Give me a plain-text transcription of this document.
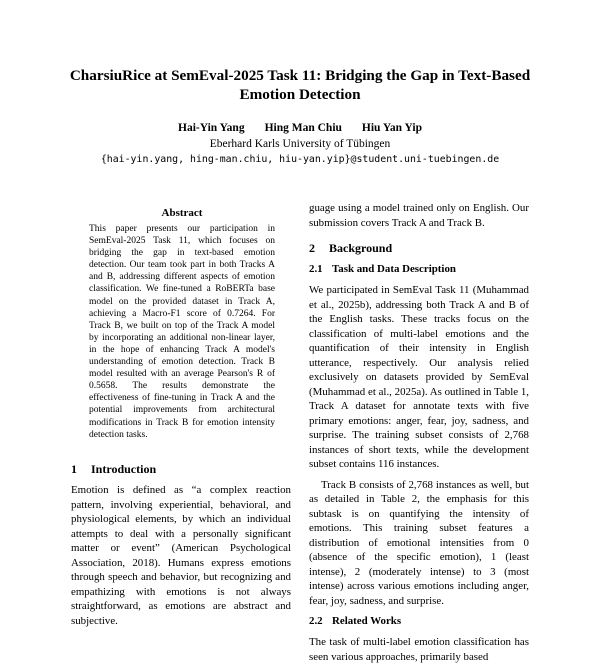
CharsiuRice at SemEval-2025 Task 11: Bridging the Gap in Text-Based Emotion Detection
Hai-Yin Yang Hing Man Chiu Hiu Yan Yip
Eberhard Karls University of Tübingen
{hai-yin.yang, hing-man.chiu, hiu-yan.yip}@student.uni-tuebingen.de
Abstract
This paper presents our participation in SemEval-2025 Task 11, which focuses on bridging the gap in text-based emotion detection. Our team took part in both Tracks A and B, addressing different aspects of emotion classification. We fine-tuned a RoBERTa base model on the provided dataset in Track A, achieving a Macro-F1 score of 0.7264. For Track B, we built on top of the Track A model by incorporating an additional non-linear layer, in the hope of enhancing Track A model's understanding of emotion detection. Track B model resulted with an average Pearson's R of 0.5658. The results demonstrate the effectiveness of fine-tuning in Track A and the potential improvements from architectural modifications in Track B for emotion intensity detection tasks.
1 Introduction

Emotion is defined as “a complex reaction pattern, involving experiential, behavioral, and physiological elements, by which an individual attempts to deal with a personally significant matter or event” (American Psychological Association, 2018). Humans express emotions through speech and behavior, but recognizing and empathizing with emotions is not always straightforward, as emotions are abstract and subjective.

guage using a model trained only on English. Our submission covers Track A and Track B.

2 Background
2.1 Task and Data Description

We participated in SemEval Task 11 (Muhammad et al., 2025b), addressing both Track A and B of the English tasks. These tracks focus on the classification of multi-label emotions and the quantification of their intensity in English utterance, respectively. Our analysis relied exclusively on datasets provided by SemEval (Muhammad et al., 2025a). As outlined in Table 1, Track A dataset for annotate texts with five primary emotions: anger, fear, joy, sadness, and surprise. The training subset consists of 2,768 instances of short texts, while the development subset contains 116 instances.

Track B consists of 2,768 instances as well, but as detailed in Table 2, the emphasis for this subtask is on quantifying the intensity of emotions. This training subset features a distribution of emotional intensities from 0 (absence of the specific emotion), 1 (least intense), 2 (moderately intense) to 3 (most intense) across various emotions including anger, fear, joy, sadness, and surprise.

2.2 Related Works

The task of multi-label emotion classification has seen various approaches, primarily based
